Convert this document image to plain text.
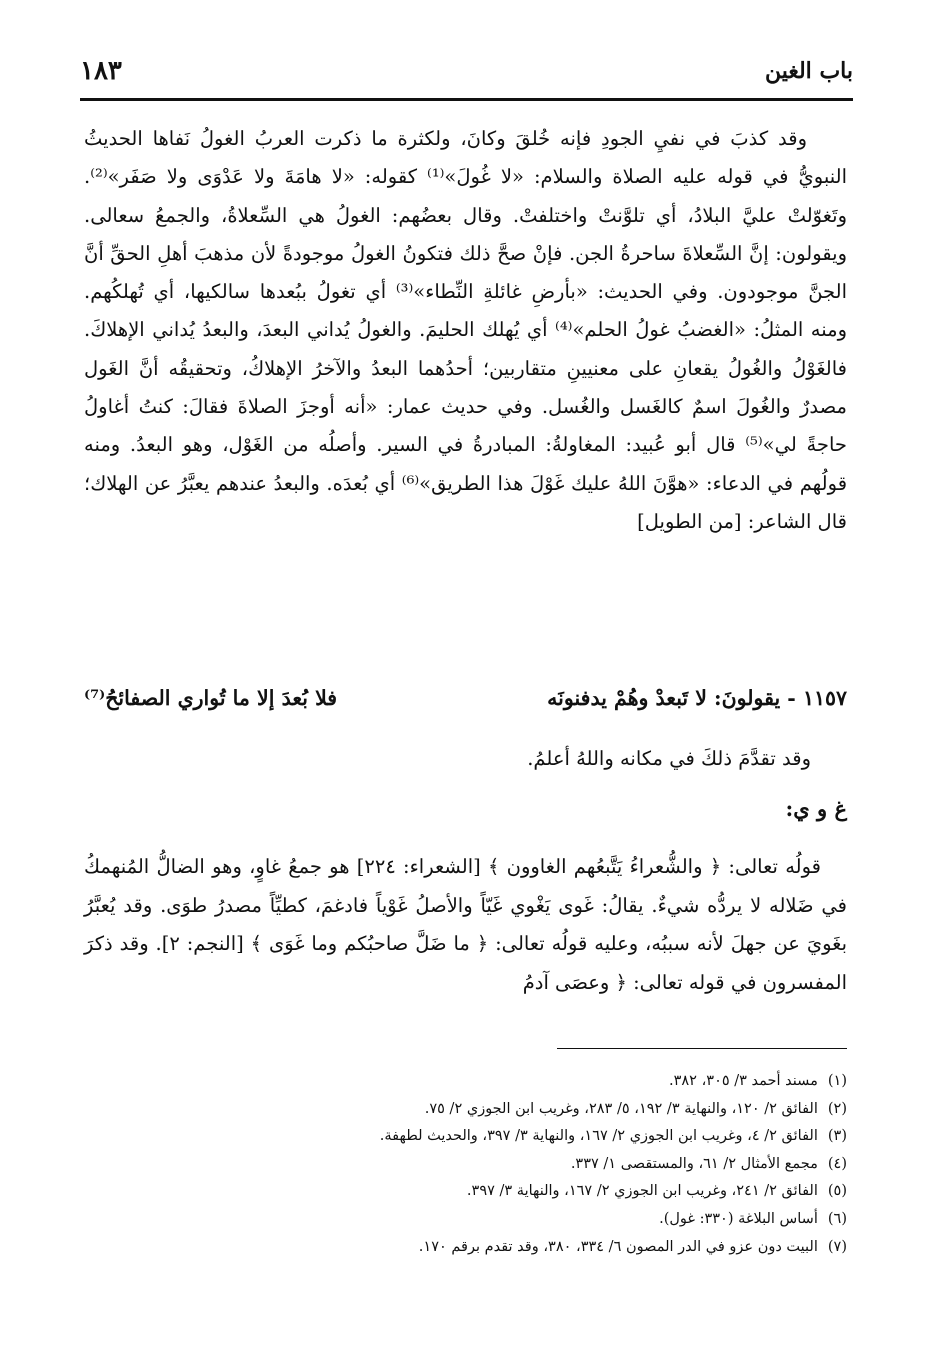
باب الغين
١٨٣

وقد كذبَ في نفيِ الجودِ فإنه خُلقَ وكانَ، ولكثرة ما ذكرت العربُ الغولُ نَفاها الحديثُ النبويُّ في قوله عليه الصلاة والسلام: «لا غُولَ»⁽¹⁾ كقوله: «لا هامَةَ ولا عَدْوَى ولا صَفَر»⁽²⁾. وتَغوّلتْ عليَّ البلادُ، أي تلوَّنتْ واختلفتْ. وقال بعضُهم: الغولُ هي السِّعلاةُ، والجمعُ سعالى. ويقولون: إنَّ السِّعلاةَ ساحرةُ الجن. فإنْ صحَّ ذلك فتكونُ الغولُ موجودةً لأن مذهبَ أهلِ الحقِّ أنَّ الجنَّ موجودون. وفي الحديث: «بأرضِ غائلةِ النِّطاء»⁽³⁾ أي تغولُ ببُعدها سالكيها، أي تُهلكُهم. ومنه المثلُ: «الغضبُ غولُ الحلم»⁽⁴⁾ أي يُهلك الحليمَ. والغولُ يُداني البعدَ، والبعدُ يُداني الإهلاكَ. فالغَوْلُ والغُولُ يقعانِ على معنيينِ متقاربين؛ أحدُهما البعدُ والآخرُ الإهلاكُ، وتحقيقُه أنَّ الغَول مصدرٌ والغُولَ اسمٌ كالغَسل والغُسل. وفي حديث عمار: «أنه أوجزَ الصلاةَ فقالَ: كنتُ أغاولُ حاجةً لي»⁽⁵⁾ قال أبو عُبيد: المغاولةُ: المبادرةُ في السير. وأصلُه من الغَوْل، وهو البعدُ. ومنه قولُهم في الدعاء: «هوَّنَ اللهُ عليك غَوْلَ هذا الطريق»⁽⁶⁾ أي بُعدَه. والبعدُ عندهم يعبَّرُ عن الهلاك؛ قال الشاعر: [من الطويل]

١١٥٧ - يقولونَ: لا تَبعدْ وهُمْ يدفنونَه
فلا بُعدَ إلا ما تُواري الصفائحُ⁽⁷⁾
وقد تقدَّمَ ذلكَ في مكانه واللهُ أعلمُ.
غ و ي:

قولُه تعالى: ﴿ والشُّعراءُ يَتَّبعُهم الغاوون ﴾ [الشعراء: ٢٢٤] هو جمعُ غاوٍ، وهو الضالُّ المُنهمكُ في ضَلاله لا يردُّه شيءٌ. يقالُ: غَوى يَغْوي غَيّاً والأصلُ غَوْياً فادغمَ، كطيِّاً مصدرُ طوَى. وقد يُعبَّرُ بغَويَ عن جهلَ لأنه سببُه، وعليه قولُه تعالى: ﴿ ما ضَلَّ صاحبُكم وما غَوَى ﴾ [النجم: ٢]. وقد ذكرَ المفسرون في قوله تعالى: ﴿ وعصَى آدمُ

(١)مسند أحمد ٣/ ٣٠٥، ٣٨٢.
(٢)الفائق ٢/ ١٢٠، والنهاية ٣/ ١٩٢، ٥/ ٢٨٣، وغريب ابن الجوزي ٢/ ٧٥.
(٣)الفائق ٢/ ٤، وغريب ابن الجوزي ٢/ ١٦٧، والنهاية ٣/ ٣٩٧، والحديث لطهفة.
(٤)مجمع الأمثال ٢/ ٦١، والمستقصى ١/ ٣٣٧.
(٥)الفائق ٢/ ٢٤١، وغريب ابن الجوزي ٢/ ١٦٧، والنهاية ٣/ ٣٩٧.
(٦)أساس البلاغة (٣٣٠: غول).
(٧)البيت دون عزو في الدر المصون ٦/ ٣٣٤، ٣٨٠، وقد تقدم برقم ١٧٠.
